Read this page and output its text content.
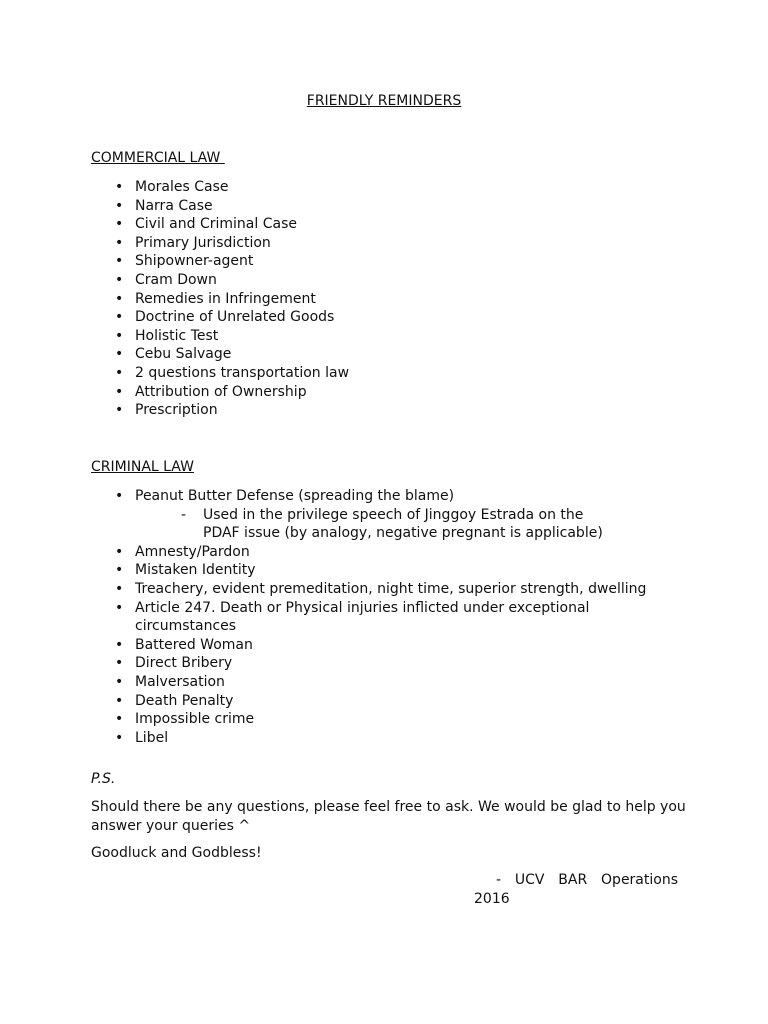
FRIENDLY REMINDERS
COMMERCIAL LAW
• Morales Case
• Narra Case
• Civil and Criminal Case
• Primary Jurisdiction
• Shipowner-agent
• Cram Down
• Remedies in Infringement
• Doctrine of Unrelated Goods
• Holistic Test
• Cebu Salvage
• 2 questions transportation law
• Attribution of Ownership
• Prescription
CRIMINAL LAW
• Peanut Butter Defense (spreading the blame)
- Used in the privilege speech of Jinggoy Estrada on the PDAF issue (by analogy, negative pregnant is applicable)
• Amnesty/Pardon
• Mistaken Identity
• Treachery, evident premeditation, night time, superior strength, dwelling
• Article 247. Death or Physical injuries inflicted under exceptional circumstances
• Battered Woman
• Direct Bribery
• Malversation
• Death Penalty
• Impossible crime
• Libel

P.S.

Should there be any questions, please feel free to ask. We would be glad to help you answer your queries ^

Goodluck and Godbless!

- UCV BAR Operations
2016
